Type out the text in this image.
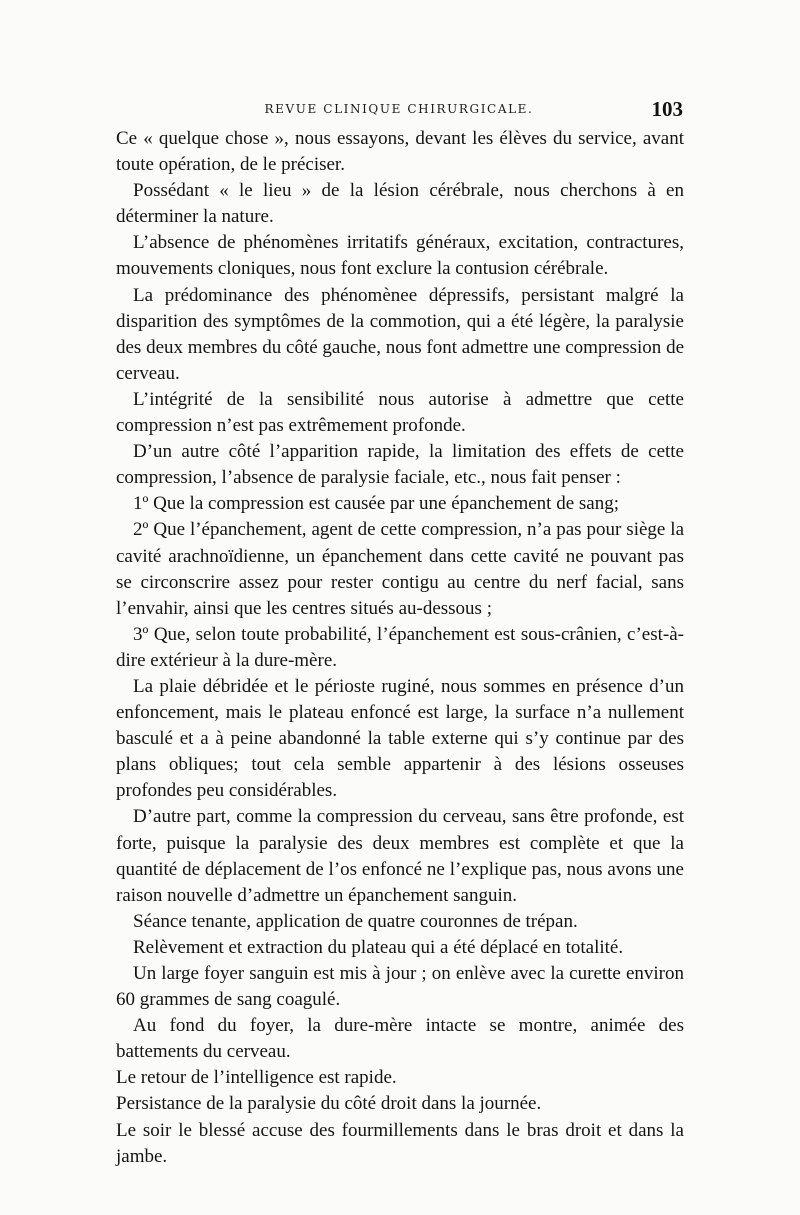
REVUE CLINIQUE CHIRURGICALE.	103

Ce « quelque chose », nous essayons, devant les élèves du service, avant toute opération, de le préciser.

Possédant « le lieu » de la lésion cérébrale, nous cherchons à en déterminer la nature.

L’absence de phénomènes irritatifs généraux, excitation, contractures, mouvements cloniques, nous font exclure la contusion cérébrale.

La prédominance des phénomènee dépressifs, persistant malgré la disparition des symptômes de la commotion, qui a été légère, la paralysie des deux membres du côté gauche, nous font admettre une compression de cerveau.

L’intégrité de la sensibilité nous autorise à admettre que cette compression n’est pas extrêmement profonde.

D’un autre côté l’apparition rapide, la limitation des effets de cette compression, l’absence de paralysie faciale, etc., nous fait penser :

1º Que la compression est causée par une épanchement de sang;

2º Que l’épanchement, agent de cette compression, n’a pas pour siège la cavité arachnoïdienne, un épanchement dans cette cavité ne pouvant pas se circonscrire assez pour rester contigu au centre du nerf facial, sans l’envahir, ainsi que les centres situés au-dessous ;

3º Que, selon toute probabilité, l’épanchement est sous-crânien, c’est-à-dire extérieur à la dure-mère.

La plaie débridée et le périoste ruginé, nous sommes en présence d’un enfoncement, mais le plateau enfoncé est large, la surface n’a nullement basculé et a à peine abandonné la table externe qui s’y continue par des plans obliques; tout cela semble appartenir à des lésions osseuses profondes peu considérables.

D’autre part, comme la compression du cerveau, sans être profonde, est forte, puisque la paralysie des deux membres est complète et que la quantité de déplacement de l’os enfoncé ne l’explique pas, nous avons une raison nouvelle d’admettre un épanchement sanguin.

Séance tenante, application de quatre couronnes de trépan.

Relèvement et extraction du plateau qui a été déplacé en totalité.

Un large foyer sanguin est mis à jour ; on enlève avec la curette environ 60 grammes de sang coagulé.

Au fond du foyer, la dure-mère intacte se montre, animée des battements du cerveau.

Le retour de l’intelligence est rapide.

Persistance de la paralysie du côté droit dans la journée.

Le soir le blessé accuse des fourmillements dans le bras droit et dans la jambe.
